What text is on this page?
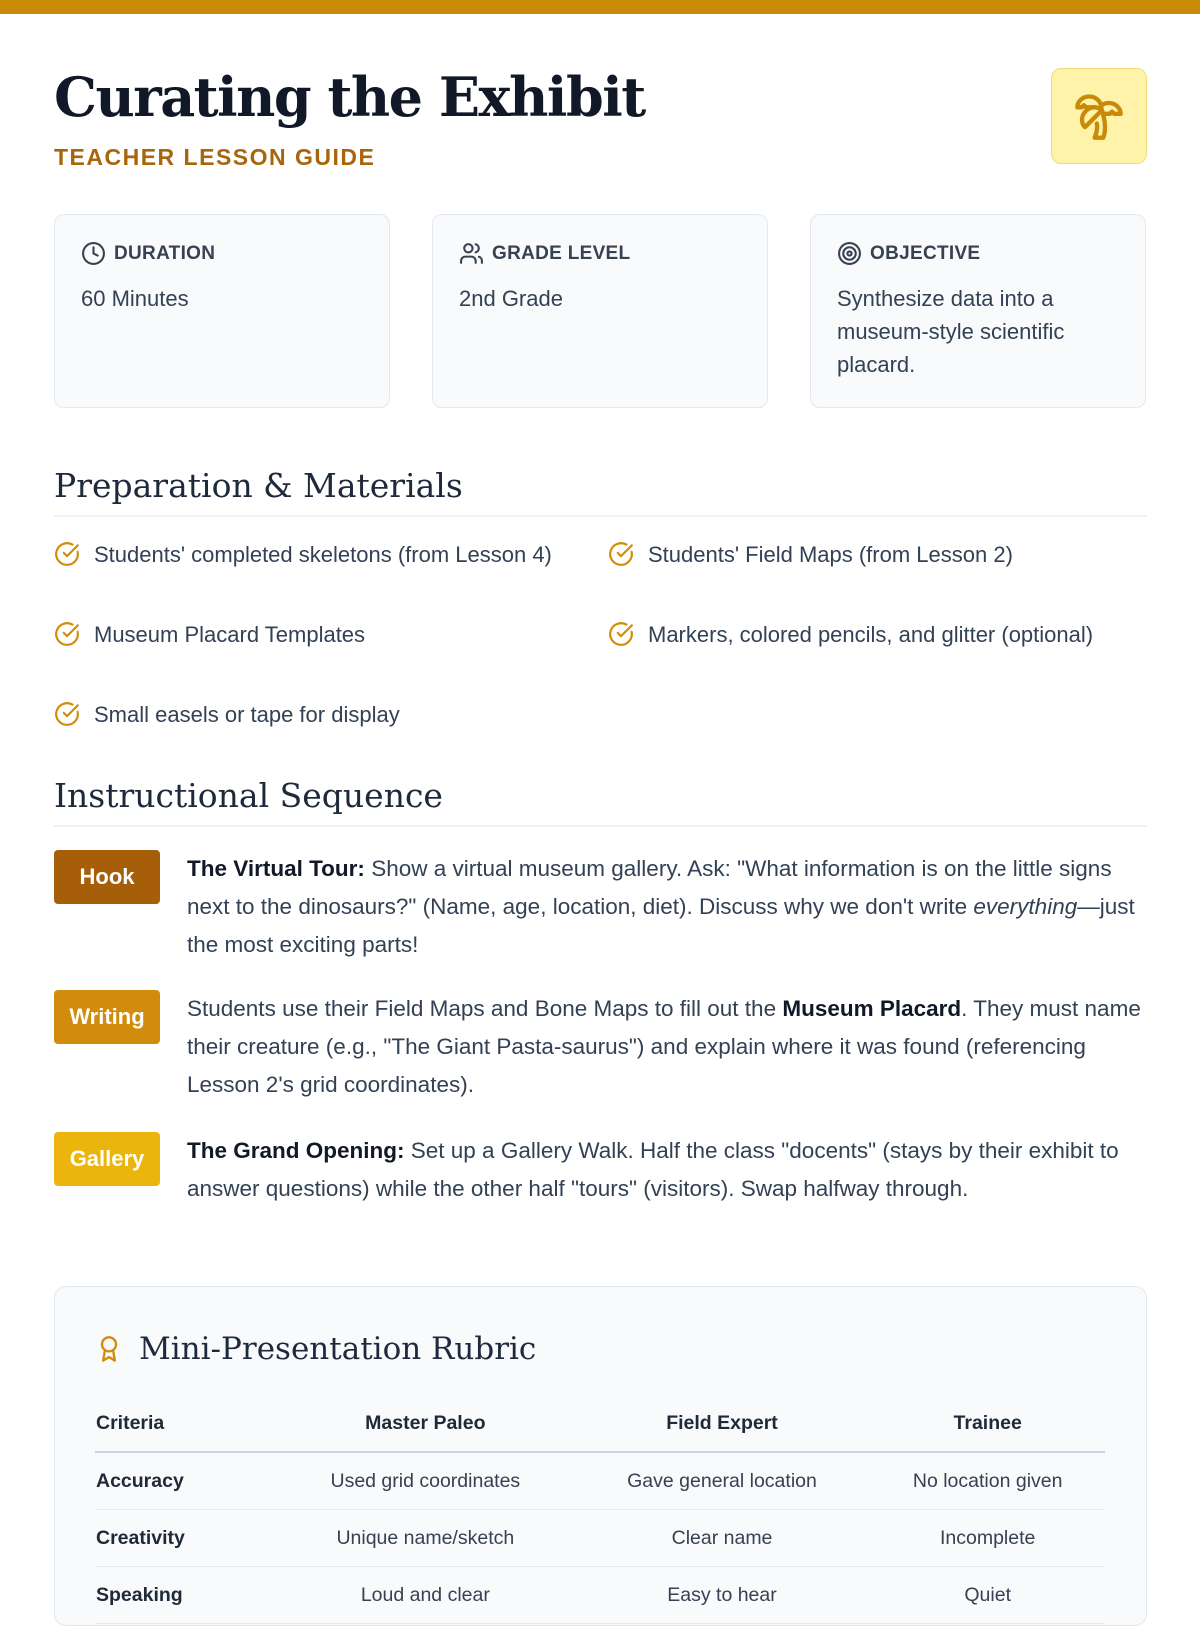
Curating the Exhibit
TEACHER LESSON GUIDE
DURATION
60 Minutes
GRADE LEVEL
2nd Grade
OBJECTIVE
Synthesize data into a museum-style scientific placard.
Preparation & Materials
Students' completed skeletons (from Lesson 4)	Students' Field Maps (from Lesson 2)
Museum Placard Templates	Markers, colored pencils, and glitter (optional)
Small easels or tape for display
Instructional Sequence
Hook	The Virtual Tour: Show a virtual museum gallery. Ask: "What information is on the little signs next to the dinosaurs?" (Name, age, location, diet). Discuss why we don't write everything—just the most exciting parts!
Writing	Students use their Field Maps and Bone Maps to fill out the Museum Placard. They must name their creature (e.g., "The Giant Pasta-saurus") and explain where it was found (referencing Lesson 2's grid coordinates).
Gallery	The Grand Opening: Set up a Gallery Walk. Half the class "docents" (stays by their exhibit to answer questions) while the other half "tours" (visitors). Swap halfway through.
Mini-Presentation Rubric
Criteria	Master Paleo	Field Expert	Trainee
Accuracy	Used grid coordinates	Gave general location	No location given
Creativity	Unique name/sketch	Clear name	Incomplete
Speaking	Loud and clear	Easy to hear	Quiet
